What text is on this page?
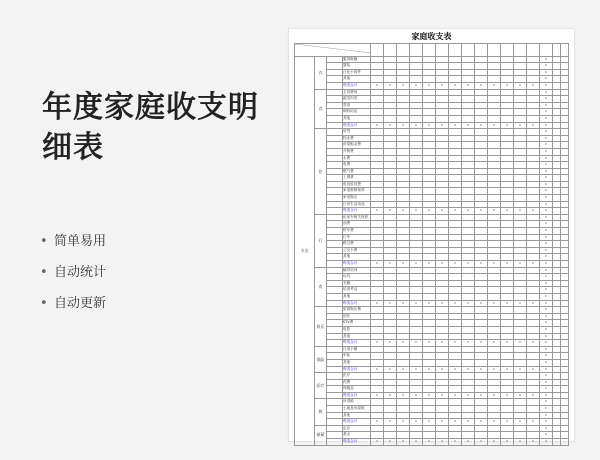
年度家庭收支明细表
• 简单易用
• 自动统计
• 自动更新
家庭收支表

支出	衣		服饰鞋帽														0		
			婴装														0		
			日化小饰件														0		
			其他														0		
			每类合计	0	0	0	0	0	0	0	0	0	0	0	0	0	0		
	食		主食费用														0		
			蔬菜肉类														0		
			零食														0		
			调料用品														0		
			其他														0		
			每类合计	0	0	0	0	0	0	0	0	0	0	0	0	0	0		
	住		房贷														0		
			物业费														0		
			房屋租金费														0		
			开锁费														0		
			水费														0		
			电费														0		
			燃气费														0		
			上网费														0		
			电视收视费														0		
			家电维修保养														0		
			家电购买														0		
			日常生活用品														0		
			每类合计	0	0	0	0	0	0	0	0	0	0	0	0	0	0		
	行		私家车相关保养														0		
			油费														0		
			停车费														0		
			打车														0		
			路过费														0		
			公交卡费														0		
			其他														0		
			每类合计	0	0	0	0	0	0	0	0	0	0	0	0	0	0		
	育		辅导培训														0		
			玩具														0		
			书籍														0		
			培训考证														0		
			其他														0		
			每类合计	0	0	0	0	0	0	0	0	0	0	0	0	0	0		
	娱乐		旅游娱乐费														0		
			国庆														0		
			KTV费														0		
			电影														0		
			其他														0		
			每类合计	0	0	0	0	0	0	0	0	0	0	0	0	0	0		
	保险		日用小额														0		
			车险														0		
			其他														0		
			每类合计	0	0	0	0	0	0	0	0	0	0	0	0	0	0		
	医疗		医疗														0		
			药费														0		
			保健品														0		
			每类合计	0	0	0	0	0	0	0	0	0	0	0	0	0	0		
	税		所得税														0		
			土地及房屋税														0		
			其他														0		
			每类合计	0	0	0	0	0	0	0	0	0	0	0	0	0	0		
	储蓄		定存														0		
			基金														0		
			每类合计	0	0	0	0	0	0	0	0	0	0	0	0	0	0		
